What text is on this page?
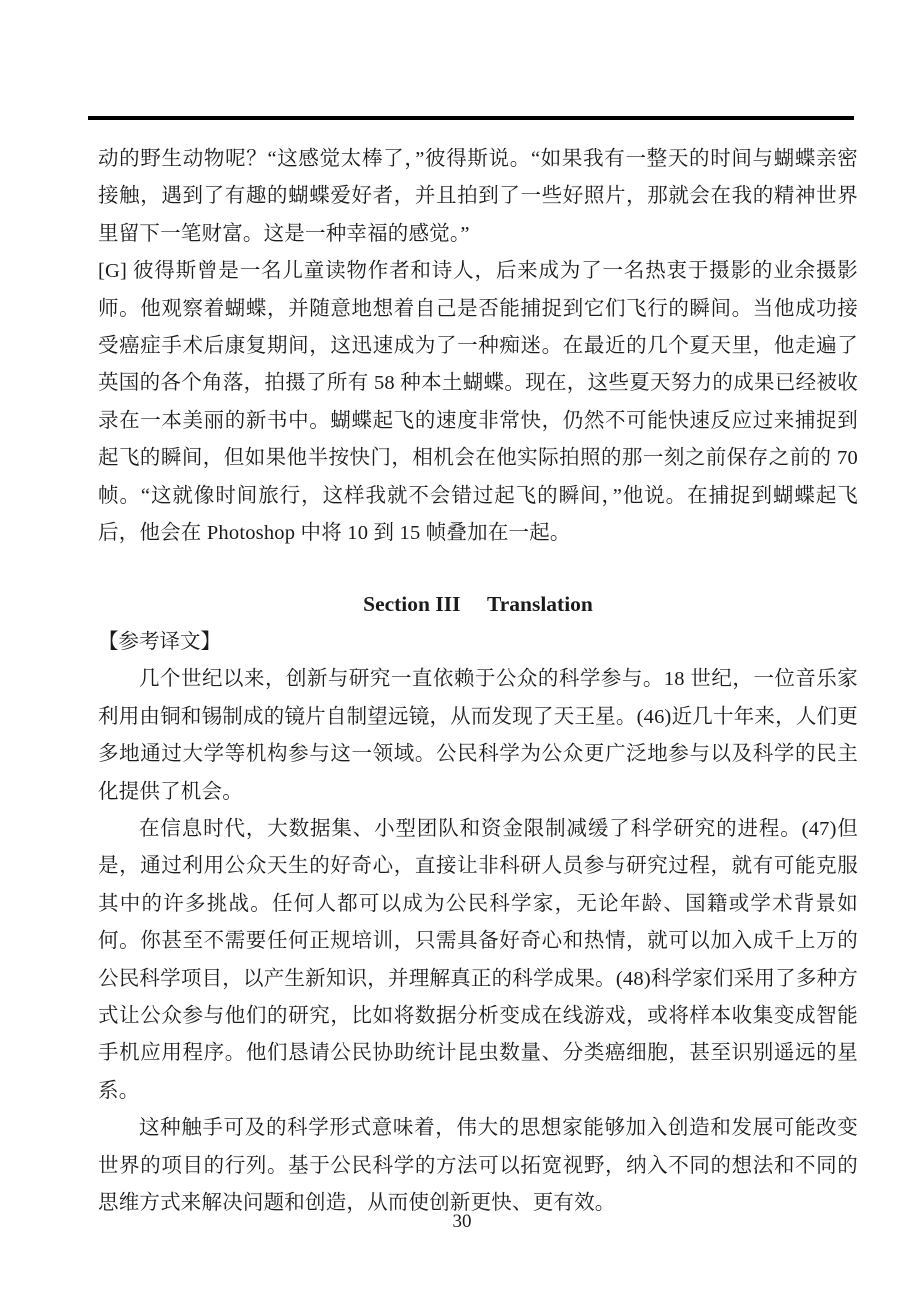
动的野生动物呢？“这感觉太棒了，”彼得斯说。“如果我有一整天的时间与蝴蝶亲密接触，遇到了有趣的蝴蝶爱好者，并且拍到了一些好照片，那就会在我的精神世界里留下一笔财富。这是一种幸福的感觉。”

[G] 彼得斯曾是一名儿童读物作者和诗人，后来成为了一名热衷于摄影的业余摄影师。他观察着蝴蝶，并随意地想着自己是否能捕捉到它们飞行的瞬间。当他成功接受癌症手术后康复期间，这迅速成为了一种痴迷。在最近的几个夏天里，他走遍了英国的各个角落，拍摄了所有 58 种本土蝴蝶。现在，这些夏天努力的成果已经被收录在一本美丽的新书中。蝴蝶起飞的速度非常快，仍然不可能快速反应过来捕捉到起飞的瞬间，但如果他半按快门，相机会在他实际拍照的那一刻之前保存之前的 70 帧。“这就像时间旅行，这样我就不会错过起飞的瞬间，”他说。在捕捉到蝴蝶起飞后，他会在 Photoshop 中将 10 到 15 帧叠加在一起。

Section III　 Translation

【参考译文】

几个世纪以来，创新与研究一直依赖于公众的科学参与。18 世纪，一位音乐家利用由铜和锡制成的镜片自制望远镜，从而发现了天王星。(46)近几十年来，人们更多地通过大学等机构参与这一领域。公民科学为公众更广泛地参与以及科学的民主化提供了机会。

在信息时代，大数据集、小型团队和资金限制减缓了科学研究的进程。(47)但是，通过利用公众天生的好奇心，直接让非科研人员参与研究过程，就有可能克服其中的许多挑战。任何人都可以成为公民科学家，无论年龄、国籍或学术背景如何。你甚至不需要任何正规培训，只需具备好奇心和热情，就可以加入成千上万的公民科学项目，以产生新知识，并理解真正的科学成果。(48)科学家们采用了多种方式让公众参与他们的研究，比如将数据分析变成在线游戏，或将样本收集变成智能手机应用程序。他们恳请公民协助统计昆虫数量、分类癌细胞，甚至识别遥远的星系。

这种触手可及的科学形式意味着，伟大的思想家能够加入创造和发展可能改变世界的项目的行列。基于公民科学的方法可以拓宽视野，纳入不同的想法和不同的思维方式来解决问题和创造，从而使创新更快、更有效。

30
